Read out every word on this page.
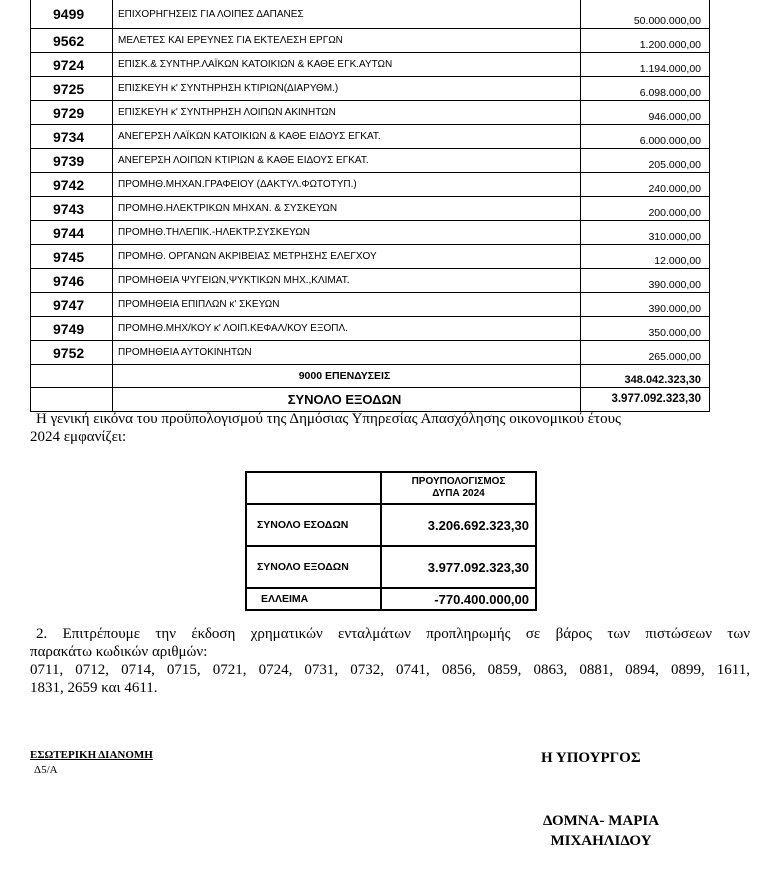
9499	ΕΠΙΧΟΡΗΓΗΣΕΙΣ ΓΙΑ ΛΟΙΠΕΣ ΔΑΠΑΝΕΣ	50.000.000,00
9562	ΜΕΛΕΤΕΣ ΚΑΙ ΕΡΕΥΝΕΣ ΓΙΑ ΕΚΤΕΛΕΣΗ ΕΡΓΩΝ	1.200.000,00
9724	ΕΠΙΣΚ.& ΣΥΝΤΗΡ.ΛΑΪΚΩΝ ΚΑΤΟΙΚΙΩΝ & ΚΑΘΕ ΕΓΚ.ΑΥΤΩΝ	1.194.000,00
9725	ΕΠΙΣΚΕΥΗ κ' ΣΥΝΤΗΡΗΣΗ ΚΤΙΡΙΩΝ(ΔΙΑΡΥΘΜ.)	6.098.000,00
9729	ΕΠΙΣΚΕΥΗ κ' ΣΥΝΤΗΡΗΣΗ ΛΟΙΠΩΝ ΑΚΙΝΗΤΩΝ	946.000,00
9734	ΑΝΕΓΕΡΣΗ ΛΑΪΚΩΝ ΚΑΤΟΙΚΙΩΝ & ΚΑΘΕ ΕΙΔΟΥΣ ΕΓΚΑΤ.	6.000.000,00
9739	ΑΝΕΓΕΡΣΗ ΛΟΙΠΩΝ ΚΤΙΡΙΩΝ & ΚΑΘΕ ΕΙΔΟΥΣ ΕΓΚΑΤ.	205.000,00
9742	ΠΡΟΜΗΘ.ΜΗΧΑΝ.ΓΡΑΦΕΙΟΥ (ΔΑΚΤΥΛ.ΦΩΤΟΤΥΠ.)	240.000,00
9743	ΠΡΟΜΗΘ.ΗΛΕΚΤΡΙΚΩΝ ΜΗΧΑΝ. & ΣΥΣΚΕΥΩΝ	200.000,00
9744	ΠΡΟΜΗΘ.ΤΗΛΕΠΙΚ.-ΗΛΕΚΤΡ.ΣΥΣΚΕΥΩΝ	310.000,00
9745	ΠΡΟΜΗΘ. ΟΡΓΑΝΩΝ ΑΚΡΙΒΕΙΑΣ ΜΕΤΡΗΣΗΣ ΕΛΕΓΧΟΥ	12.000,00
9746	ΠΡΟΜΗΘΕΙΑ ΨΥΓΕΙΩΝ,ΨΥΚΤΙΚΩΝ ΜΗΧ.,ΚΛΙΜΑΤ.	390.000,00
9747	ΠΡΟΜΗΘΕΙΑ ΕΠΙΠΛΩΝ κ' ΣΚΕΥΩΝ	390.000,00
9749	ΠΡΟΜΗΘ.ΜΗΧ/ΚΟΥ κ' ΛΟΙΠ.ΚΕΦΑΛ/ΚΟΥ ΕΞΟΠΛ.	350.000,00
9752	ΠΡΟΜΗΘΕΙΑ ΑΥΤΟΚΙΝΗΤΩΝ	265.000,00
	9000 ΕΠΕΝΔΥΣΕΙΣ	348.042.323,30
	ΣΥΝΟΛΟ ΕΞΟΔΩΝ	3.977.092.323,30
Η γενική εικόνα του προϋπολογισμού της Δημόσιας Υπηρεσίας Απασχόλησης οικονομικού έτους
2024 εμφανίζει:

	ΠΡΟΥΠΟΛΟΓΙΣΜΟΣ
ΔΥΠΑ 2024

ΣΥΝΟΛΟ ΕΣΟΔΩΝ	3.206.692.323,30
ΣΥΝΟΛΟ ΕΞΟΔΩΝ	3.977.092.323,30
ΕΛΛΕΙΜΑ	-770.400.000,00
2. Επιτρέπουμε την έκδοση χρηματικών ενταλμάτων προπληρωμής σε βάρος των πιστώσεων των
παρακάτω κωδικών αριθμών:
0711, 0712, 0714, 0715, 0721, 0724, 0731, 0732, 0741, 0856, 0859, 0863, 0881, 0894, 0899, 1611,
1831, 2659 και 4611.
ΕΣΩΤΕΡΙΚΗ ΔΙΑΝΟΜΗ
Δ5/Α
Η ΥΠΟΥΡΓΟΣ
ΔΟΜΝΑ- ΜΑΡΙΑ
ΜΙΧΑΗΛΙΔΟΥ
